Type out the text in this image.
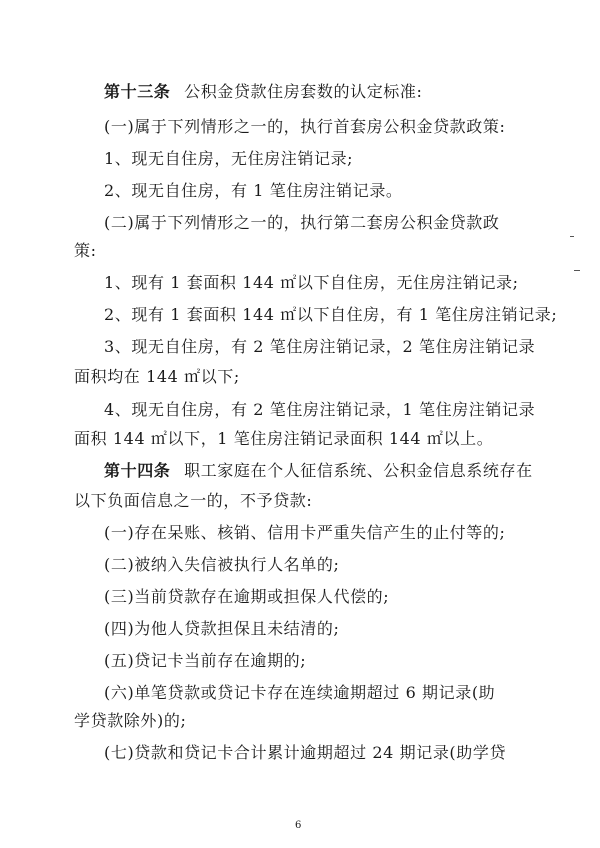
第十三条 公积金贷款住房套数的认定标准:
(一)属于下列情形之一的，执行首套房公积金贷款政策:
1、现无自住房，无住房注销记录;
2、现无自住房，有 1 笔住房注销记录。
(二)属于下列情形之一的，执行第二套房公积金贷款政
策:
1、现有 1 套面积 144 ㎡以下自住房，无住房注销记录;
2、现有 1 套面积 144 ㎡以下自住房，有 1 笔住房注销记录;
3、现无自住房，有 2 笔住房注销记录，2 笔住房注销记录
面积均在 144 ㎡以下;
4、现无自住房，有 2 笔住房注销记录，1 笔住房注销记录
面积 144 ㎡以下，1 笔住房注销记录面积 144 ㎡以上。
第十四条 职工家庭在个人征信系统、公积金信息系统存在
以下负面信息之一的，不予贷款:
(一)存在呆账、核销、信用卡严重失信产生的止付等的;
(二)被纳入失信被执行人名单的;
(三)当前贷款存在逾期或担保人代偿的;
(四)为他人贷款担保且未结清的;
(五)贷记卡当前存在逾期的;
(六)单笔贷款或贷记卡存在连续逾期超过 6 期记录(助
学贷款除外)的;
(七)贷款和贷记卡合计累计逾期超过 24 期记录(助学贷
6
